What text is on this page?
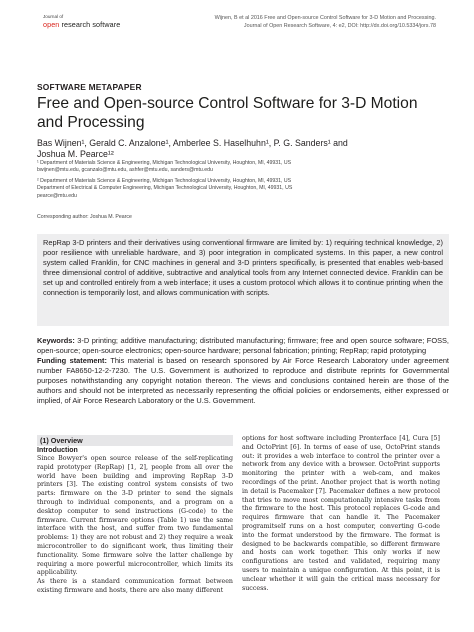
Journal of
open research software
Wijnen, B et al 2016 Free and Open-source Control Software for 3-D Motion and Processing.
Journal of Open Research Software, 4: e2, DOI: http://dx.doi.org/10.5334/jors.78
SOFTWARE METAPAPER
Free and Open-source Control Software for 3-D Motion and Processing
Bas Wijnen¹, Gerald C. Anzalone¹, Amberlee S. Haselhuhn¹, P. G. Sanders¹ and
Joshua M. Pearce¹²

¹ Department of Materials Science & Engineering, Michigan Technological University, Houghton, MI, 49931, US

bwijnen@mtu.edu, gcanzalo@mtu.edu, ashfer@mtu.edu, sanders@mtu.edu

² Department of Materials Science & Engineering, Michigan Technological University, Houghton, MI, 49931, US

Department of Electrical & Computer Engineering, Michigan Technological University, Houghton, MI, 49931, US

pearce@mtu.edu

Corresponding author: Joshua M. Pearce
RepRap 3-D printers and their derivatives using conventional firmware are limited by: 1) requiring technical knowledge, 2) poor resilience with unreliable hardware, and 3) poor integration in complicated systems. In this paper, a new control system called Franklin, for CNC machines in general and 3-D printers specifically, is presented that enables web-based three dimensional control of additive, subtractive and analytical tools from any Internet connected device. Franklin can be set up and controlled entirely from a web interface; it uses a custom protocol which allows it to continue printing when the connection is temporarily lost, and allows communication with scripts.

Keywords: 3-D printing; additive manufacturing; distributed manufacturing; firmware; free and open source software; FOSS, open-source; open-source electronics; open-source hardware; personal fabrication; printing; RepRap; rapid prototyping

Funding statement: This material is based on research sponsored by Air Force Research Laboratory under agreement number FA8650-12-2-7230. The U.S. Government is authorized to reproduce and distribute reprints for Governmental purposes notwithstanding any copyright notation thereon. The views and conclusions contained herein are those of the authors and should not be interpreted as necessarily representing the official policies or endorsements, either expressed or implied, of Air Force Research Laboratory or the U.S. Government.

(1) Overview
Introduction

Since Bowyer's open source release of the self-replicating rapid prototyper (RepRap) [1, 2], people from all over the world have been building and improving RepRap 3-D printers [3]. The existing control system consists of two parts: firmware on the 3-D printer to send the signals through to individual components, and a program on a desktop computer to send instructions (G-code) to the firmware. Current firmware options (Table 1) use the same interface with the host, and suffer from two fundamental problems: 1) they are not robust and 2) they require a weak microcontroller to do significant work, thus limiting their functionality. Some firmware solve the latter challenge by requiring a more powerful microcontroller, which limits its applicability.
As there is a standard communication format between existing firmware and hosts, there are also many different

options for host software including Pronterface [4], Cura [5] and OctoPrint [6]. In terms of ease of use, OctoPrint stands out: it provides a web interface to control the printer over a network from any device with a browser. OctoPrint supports monitoring the printer with a web-cam, and makes recordings of the print. Another project that is worth noting in detail is Pacemaker [7]. Pacemaker defines a new protocol that tries to move most computationally intensive tasks from the firmware to the host. This protocol replaces G-code and requires firmware that can handle it. The Pacemaker programitself runs on a host computer, converting G-code into the format understood by the firmware. The format is designed to be backwards compatible, so different firmware and hosts can work together. This only works if new configurations are tested and validated, requiring many users to maintain a unique configuration. At this point, it is unclear whether it will gain the critical mass necessary for success.
